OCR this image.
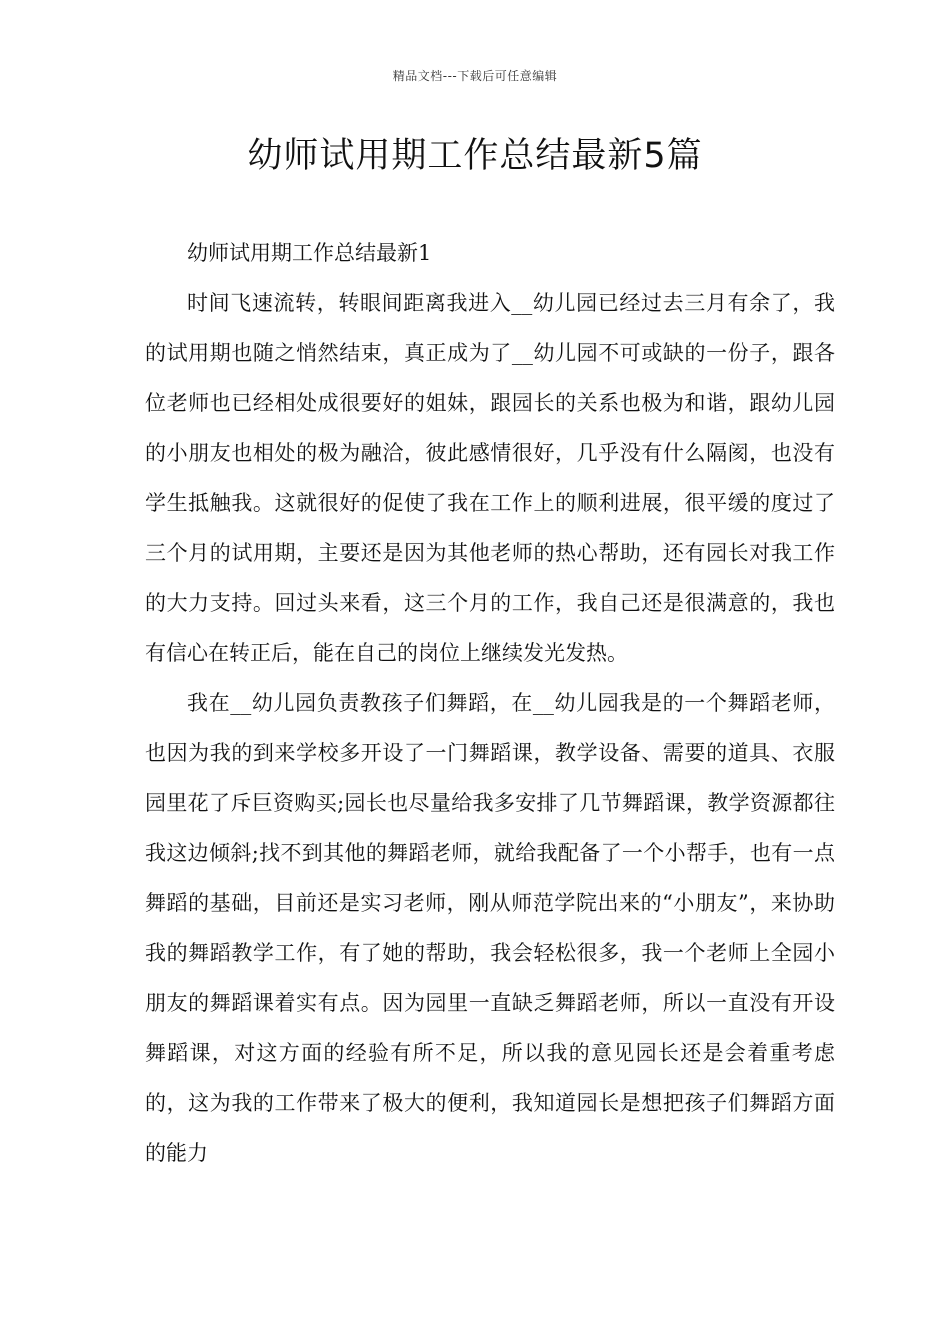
精品文档---下载后可任意编辑
幼师试用期工作总结最新5篇

幼师试用期工作总结最新1

时间飞速流转，转眼间距离我进入__幼儿园已经过去三月有余了，我的试用期也随之悄然结束，真正成为了__幼儿园不可或缺的一份子，跟各位老师也已经相处成很要好的姐妹，跟园长的关系也极为和谐，跟幼儿园的小朋友也相处的极为融洽，彼此感情很好，几乎没有什么隔阂，也没有学生抵触我。这就很好的促使了我在工作上的顺利进展，很平缓的度过了三个月的试用期，主要还是因为其他老师的热心帮助，还有园长对我工作的大力支持。回过头来看，这三个月的工作，我自己还是很满意的，我也有信心在转正后，能在自己的岗位上继续发光发热。

我在__幼儿园负责教孩子们舞蹈，在__幼儿园我是的一个舞蹈老师，也因为我的到来学校多开设了一门舞蹈课，教学设备、需要的道具、衣服园里花了斥巨资购买;园长也尽量给我多安排了几节舞蹈课，教学资源都往我这边倾斜;找不到其他的舞蹈老师，就给我配备了一个小帮手，也有一点舞蹈的基础，目前还是实习老师，刚从师范学院出来的“小朋友”，来协助我的舞蹈教学工作，有了她的帮助，我会轻松很多，我一个老师上全园小朋友的舞蹈课着实有点。因为园里一直缺乏舞蹈老师，所以一直没有开设舞蹈课，对这方面的经验有所不足，所以我的意见园长还是会着重考虑的，这为我的工作带来了极大的便利，我知道园长是想把孩子们舞蹈方面的能力
